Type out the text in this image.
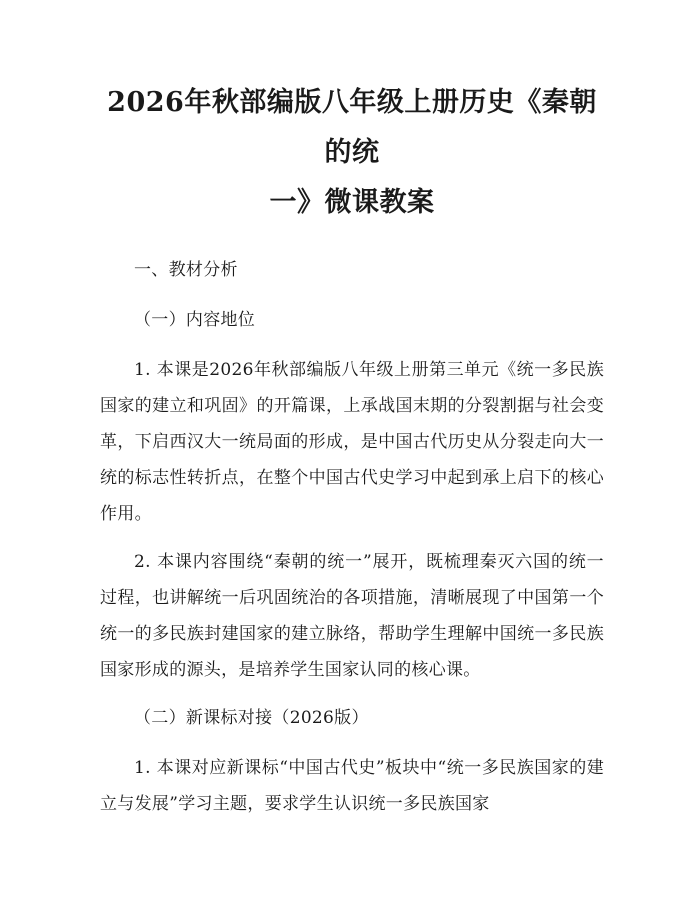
2026年秋部编版八年级上册历史《秦朝的统
一》微课教案

一、教材分析

（一）内容地位

1. 本课是2026年秋部编版八年级上册第三单元《统一多民族国家的建立和巩固》的开篇课，上承战国末期的分裂割据与社会变革，下启西汉大一统局面的形成，是中国古代历史从分裂走向大一统的标志性转折点，在整个中国古代史学习中起到承上启下的核心作用。

2. 本课内容围绕“秦朝的统一”展开，既梳理秦灭六国的统一过程，也讲解统一后巩固统治的各项措施，清晰展现了中国第一个统一的多民族封建国家的建立脉络，帮助学生理解中国统一多民族国家形成的源头，是培养学生国家认同的核心课。

（二）新课标对接（2026版）

1. 本课对应新课标“中国古代史”板块中“统一多民族国家的建立与发展”学习主题，要求学生认识统一多民族国家
